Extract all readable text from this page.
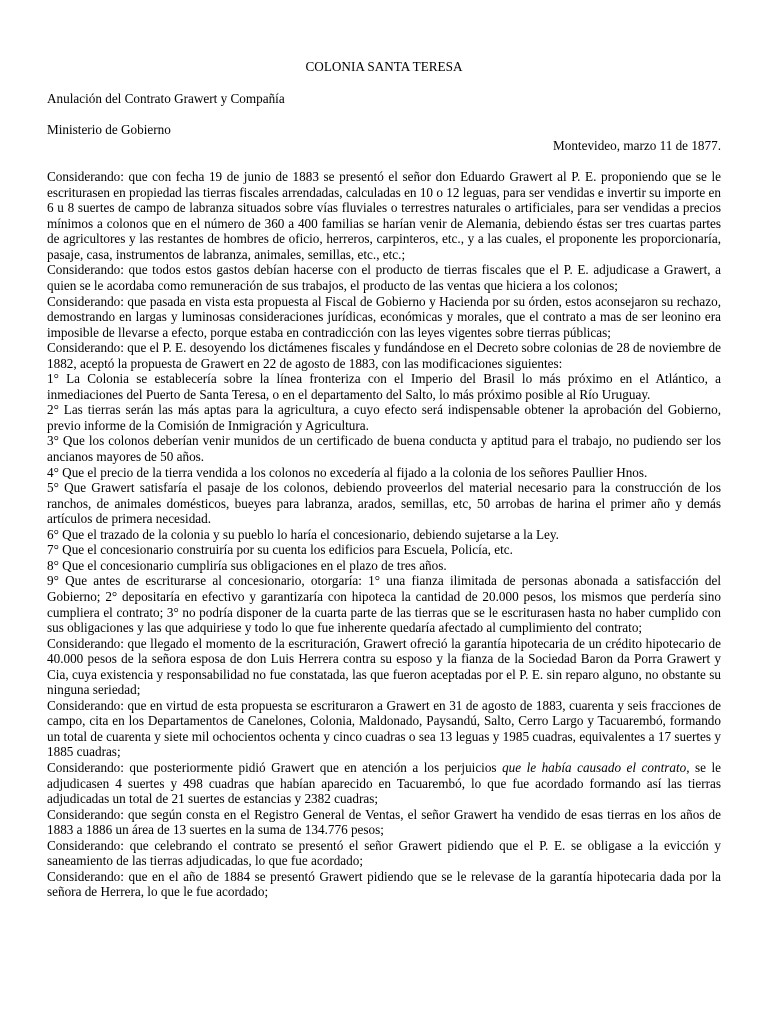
COLONIA SANTA TERESA
Anulación del Contrato Grawert y Compañía
Ministerio de Gobierno
Montevideo, marzo 11 de 1877.

Considerando: que con fecha 19 de junio de 1883 se presentó el señor don Eduardo Grawert al P. E. proponiendo que se le escriturasen en propiedad las tierras fiscales arrendadas, calculadas en 10 o 12 leguas, para ser vendidas e invertir su importe en 6 u 8 suertes de campo de labranza situados sobre vías fluviales o terrestres naturales o artificiales, para ser vendidas a precios mínimos a colonos que en el número de 360 a 400 familias se harían venir de Alemania, debiendo éstas ser tres cuartas partes de agricultores y las restantes de hombres de oficio, herreros, carpinteros, etc., y a las cuales, el proponente les proporcionaría, pasaje, casa, instrumentos de labranza, animales, semillas, etc., etc.;

Considerando: que todos estos gastos debían hacerse con el producto de tierras fiscales que el P. E. adjudicase a Grawert, a quien se le acordaba como remuneración de sus trabajos, el producto de las ventas que hiciera a los colonos;

Considerando: que pasada en vista esta propuesta al Fiscal de Gobierno y Hacienda por su órden, estos aconsejaron su rechazo, demostrando en largas y luminosas consideraciones jurídicas, económicas y morales, que el contrato a mas de ser leonino era imposible de llevarse a efecto, porque estaba en contradicción con las leyes vigentes sobre tierras públicas;

Considerando: que el P. E. desoyendo los dictámenes fiscales y fundándose en el Decreto sobre colonias de 28 de noviembre de 1882, aceptó la propuesta de Grawert en 22 de agosto de 1883, con las modificaciones siguientes:

1° La Colonia se establecería sobre la línea fronteriza con el Imperio del Brasil lo más próximo en el Atlántico, a inmediaciones del Puerto de Santa Teresa, o en el departamento del Salto, lo más próximo posible al Río Uruguay.

2° Las tierras serán las más aptas para la agricultura, a cuyo efecto será indispensable obtener la aprobación del Gobierno, previo informe de la Comisión de Inmigración y Agricultura.

3° Que los colonos deberían venir munidos de un certificado de buena conducta y aptitud para el trabajo, no pudiendo ser los ancianos mayores de 50 años.

4° Que el precio de la tierra vendida a los colonos no excedería al fijado a la colonia de los señores Paullier Hnos.

5° Que Grawert satisfaría el pasaje de los colonos, debiendo proveerlos del material necesario para la construcción de los ranchos, de animales domésticos, bueyes para labranza, arados, semillas, etc, 50 arrobas de harina el primer año y demás artículos de primera necesidad.

6° Que el trazado de la colonia y su pueblo lo haría el concesionario, debiendo sujetarse a la Ley.

7° Que el concesionario construiría por su cuenta los edificios para Escuela, Policía, etc.

8° Que el concesionario cumpliría sus obligaciones en el plazo de tres años.

9° Que antes de escriturarse al concesionario, otorgaría: 1° una fianza ilimitada de personas abonada a satisfacción del Gobierno; 2° depositaría en efectivo y garantizaría con hipoteca la cantidad de 20.000 pesos, los mismos que perdería sino cumpliera el contrato; 3° no podría disponer de la cuarta parte de las tierras que se le escriturasen hasta no haber cumplido con sus obligaciones y las que adquiriese y todo lo que fue inherente quedaría afectado al cumplimiento del contrato;

Considerando: que llegado el momento de la escrituración, Grawert ofreció la garantía hipotecaria de un crédito hipotecario de 40.000 pesos de la señora esposa de don Luis Herrera contra su esposo y la fianza de la Sociedad Baron da Porra Grawert y Cia, cuya existencia y responsabilidad no fue constatada, las que fueron aceptadas por el P. E. sin reparo alguno, no obstante su ninguna seriedad;

Considerando: que en virtud de esta propuesta se escrituraron a Grawert en 31 de agosto de 1883, cuarenta y seis fracciones de campo, cita en los Departamentos de Canelones, Colonia, Maldonado, Paysandú, Salto, Cerro Largo y Tacuarembó, formando un total de cuarenta y siete mil ochocientos ochenta y cinco cuadras o sea 13 leguas y 1985 cuadras, equivalentes a 17 suertes y 1885 cuadras;

Considerando: que posteriormente pidió Grawert que en atención a los perjuicios que le había causado el contrato, se le adjudicasen 4 suertes y 498 cuadras que habían aparecido en Tacuarembó, lo que fue acordado formando así las tierras adjudicadas un total de 21 suertes de estancias y 2382 cuadras;

Considerando: que según consta en el Registro General de Ventas, el señor Grawert ha vendido de esas tierras en los años de 1883 a 1886 un área de 13 suertes en la suma de 134.776 pesos;

Considerando: que celebrando el contrato se presentó el señor Grawert pidiendo que el P. E. se obligase a la evicción y saneamiento de las tierras adjudicadas, lo que fue acordado;

Considerando: que en el año de 1884 se presentó Grawert pidiendo que se le relevase de la garantía hipotecaria dada por la señora de Herrera, lo que le fue acordado;
